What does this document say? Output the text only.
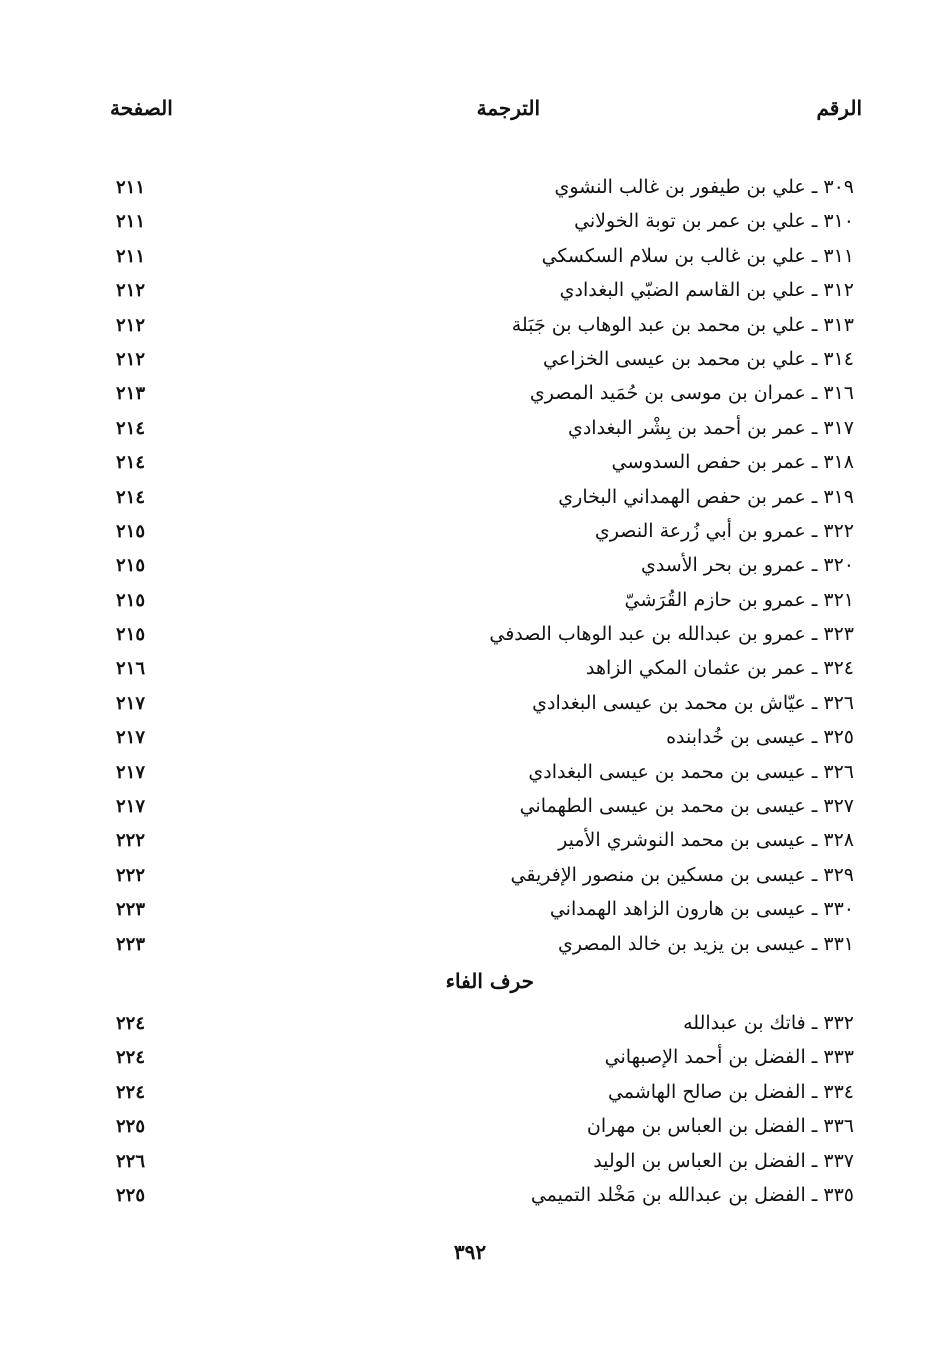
الرقم
الترجمة
الصفحة
٣٠٩ ـ علي بن طيفور بن غالب النشوي
٢١١
٣١٠ ـ علي بن عمر بن توبة الخولاني
٢١١
٣١١ ـ علي بن غالب بن سلام السكسكي
٢١١
٣١٢ ـ علي بن القاسم الضبّي البغدادي
٢١٢
٣١٣ ـ علي بن محمد بن عبد الوهاب بن جَبَلة
٢١٢
٣١٤ ـ علي بن محمد بن عيسى الخزاعي
٢١٢
٣١٦ ـ عمران بن موسى بن حُمَيد المصري
٢١٣
٣١٧ ـ عمر بن أحمد بن بِشْر البغدادي
٢١٤
٣١٨ ـ عمر بن حفص السدوسي
٢١٤
٣١٩ ـ عمر بن حفص الهمداني البخاري
٢١٤
٣٢٢ ـ عمرو بن أبي زُرعة النصري
٢١٥
٣٢٠ ـ عمرو بن بحر الأسدي
٢١٥
٣٢١ ـ عمرو بن حازم القُرَشيّ
٢١٥
٣٢٣ ـ عمرو بن عبدالله بن عبد الوهاب الصدفي
٢١٥
٣٢٤ ـ عمر بن عثمان المكي الزاهد
٢١٦
٣٢٦ ـ عيّاش بن محمد بن عيسى البغدادي
٢١٧
٣٢٥ ـ عيسى بن خُدابنده
٢١٧
٣٢٦ ـ عيسى بن محمد بن عيسى البغدادي
٢١٧
٣٢٧ ـ عيسى بن محمد بن عيسى الطهماني
٢١٧
٣٢٨ ـ عيسى بن محمد النوشري الأمير
٢٢٢
٣٢٩ ـ عيسى بن مسكين بن منصور الإفريقي
٢٢٢
٣٣٠ ـ عيسى بن هارون الزاهد الهمداني
٢٢٣
٣٣١ ـ عيسى بن يزيد بن خالد المصري
٢٢٣
حرف الفاء
٣٣٢ ـ فاتك بن عبدالله
٢٢٤
٣٣٣ ـ الفضل بن أحمد الإصبهاني
٢٢٤
٣٣٤ ـ الفضل بن صالح الهاشمي
٢٢٤
٣٣٦ ـ الفضل بن العباس بن مهران
٢٢٥
٣٣٧ ـ الفضل بن العباس بن الوليد
٢٢٦
٣٣٥ ـ الفضل بن عبدالله بن مَخْلد التميمي
٢٢٥
٣٩٢
